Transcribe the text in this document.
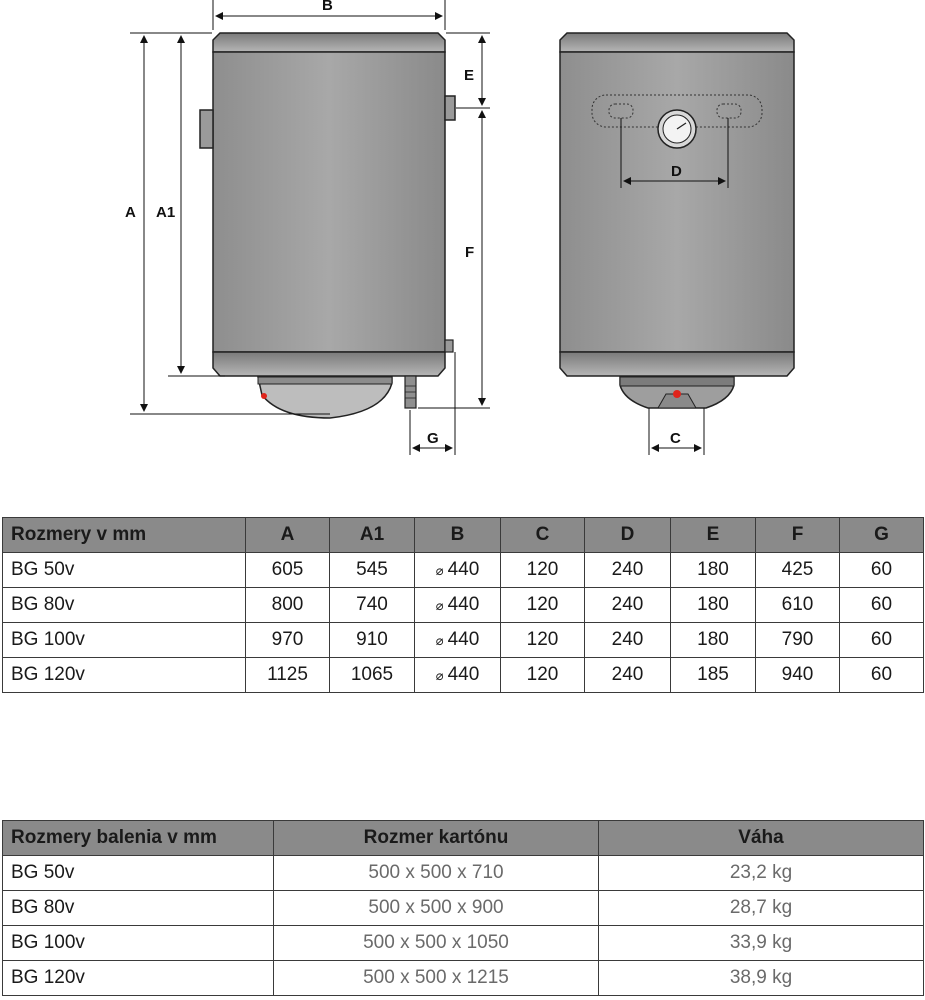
B
A A1
E
F
G
D
C
Rozmery v mm	A	A1	B	C	D	E	F	G
BG 50v	605	545	⌀ 440	120	240	180	425	60
BG 80v	800	740	⌀ 440	120	240	180	610	60
BG 100v	970	910	⌀ 440	120	240	180	790	60
BG 120v	1125	1065	⌀ 440	120	240	185	940	60
Rozmery balenia v mm	Rozmer kartónu	Váha
BG 50v	500 x 500 x 710	23,2 kg
BG 80v	500 x 500 x 900	28,7 kg
BG 100v	500 x 500 x 1050	33,9 kg
BG 120v	500 x 500 x 1215	38,9 kg
